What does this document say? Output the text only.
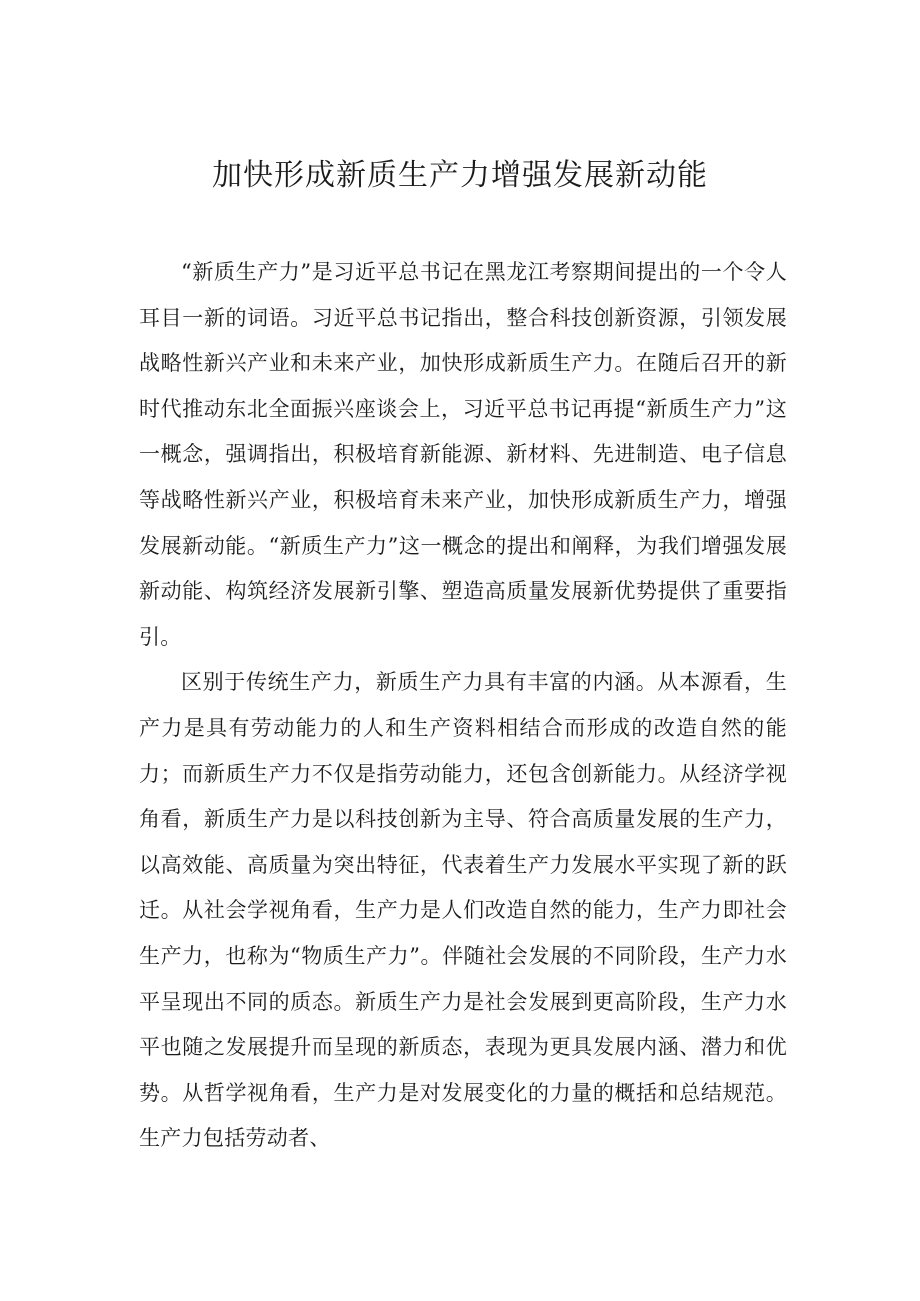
加快形成新质生产力增强发展新动能

“新质生产力”是习近平总书记在黑龙江考察期间提出的一个令人耳目一新的词语。习近平总书记指出，整合科技创新资源，引领发展战略性新兴产业和未来产业，加快形成新质生产力。在随后召开的新时代推动东北全面振兴座谈会上，习近平总书记再提“新质生产力”这一概念，强调指出，积极培育新能源、新材料、先进制造、电子信息等战略性新兴产业，积极培育未来产业，加快形成新质生产力，增强发展新动能。“新质生产力”这一概念的提出和阐释，为我们增强发展新动能、构筑经济发展新引擎、塑造高质量发展新优势提供了重要指引。

区别于传统生产力，新质生产力具有丰富的内涵。从本源看，生产力是具有劳动能力的人和生产资料相结合而形成的改造自然的能力；而新质生产力不仅是指劳动能力，还包含创新能力。从经济学视角看，新质生产力是以科技创新为主导、符合高质量发展的生产力，以高效能、高质量为突出特征，代表着生产力发展水平实现了新的跃迁。从社会学视角看，生产力是人们改造自然的能力，生产力即社会生产力，也称为“物质生产力”。伴随社会发展的不同阶段，生产力水平呈现出不同的质态。新质生产力是社会发展到更高阶段，生产力水平也随之发展提升而呈现的新质态，表现为更具发展内涵、潜力和优势。从哲学视角看，生产力是对发展变化的力量的概括和总结规范。生产力包括劳动者、
